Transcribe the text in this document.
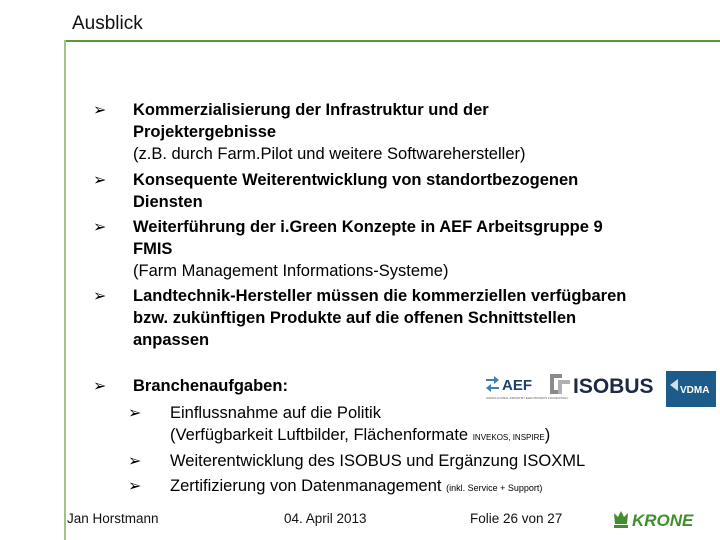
Ausblick
➢ Kommerzialisierung der Infrastruktur und der
Projektergebnisse
(z.B. durch Farm.Pilot und weitere Softwarehersteller)
➢ Konsequente Weiterentwicklung von standortbezogenen
Diensten
➢ Weiterführung der i.Green Konzepte in AEF Arbeitsgruppe 9
FMIS
(Farm Management Informations-Systeme)
➢ Landtechnik-Hersteller müssen die kommerziellen verfügbaren
bzw. zukünftigen Produkte auf die offenen Schnittstellen
anpassen
➢ Branchenaufgaben:
➢ Einflussnahme auf die Politik
(Verfügbarkeit Luftbilder, Flächenformate INVEKOS, INSPIRE)
➢ Weiterentwicklung des ISOBUS und Ergänzung ISOXML
➢ Zertifizierung von Datenmanagement (inkl. Service + Support)
AEF
AGRICULTURAL INDUSTRY ELECTRONICS FOUNDATION ISOBUS	VDMA
Jan Horstmann	04. April 2013	Folie 26 von 27	KRONE
